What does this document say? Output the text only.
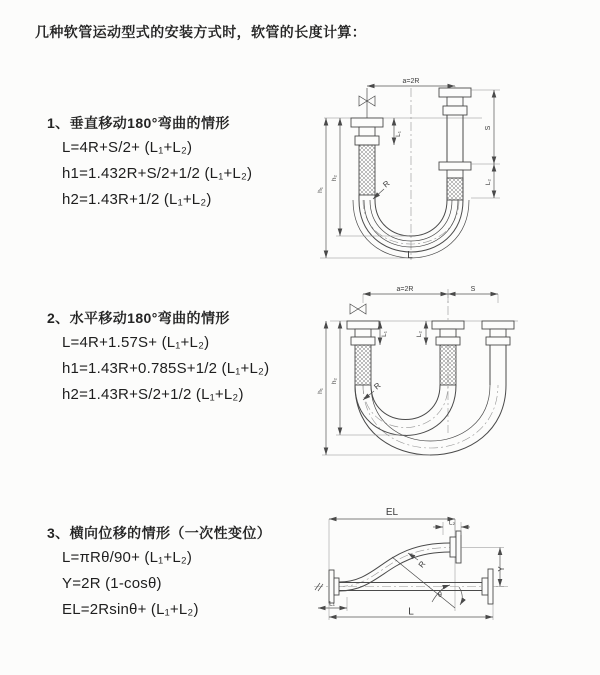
几种软管运动型式的安装方式时，软管的长度计算：
1、垂直移动180°弯曲的情形
L=4R+S/2+ (L₁+L₂)
h1=1.432R+S/2+1/2 (L₁+L₂)
h2=1.43R+1/2 (L₁+L₂)
2、水平移动180°弯曲的情形
L=4R+1.57S+ (L₁+L₂)
h1=1.43R+0.785S+1/2 (L₁+L₂)
h2=1.43R+S/2+1/2 (L₁+L₂)
3、横向位移的情形（一次性变位）
L=πRθ/90+ (L₁+L₂)
Y=2R (1-cosθ)
EL=2Rsinθ+ (L₁+L₂)
a=2R
L₁
h₁
h₂
S
L₂
R
L
a=2R	S
L₁	L₂
h₁
h₂	R
EL
L₂
Y
R
θ
L₁
L
